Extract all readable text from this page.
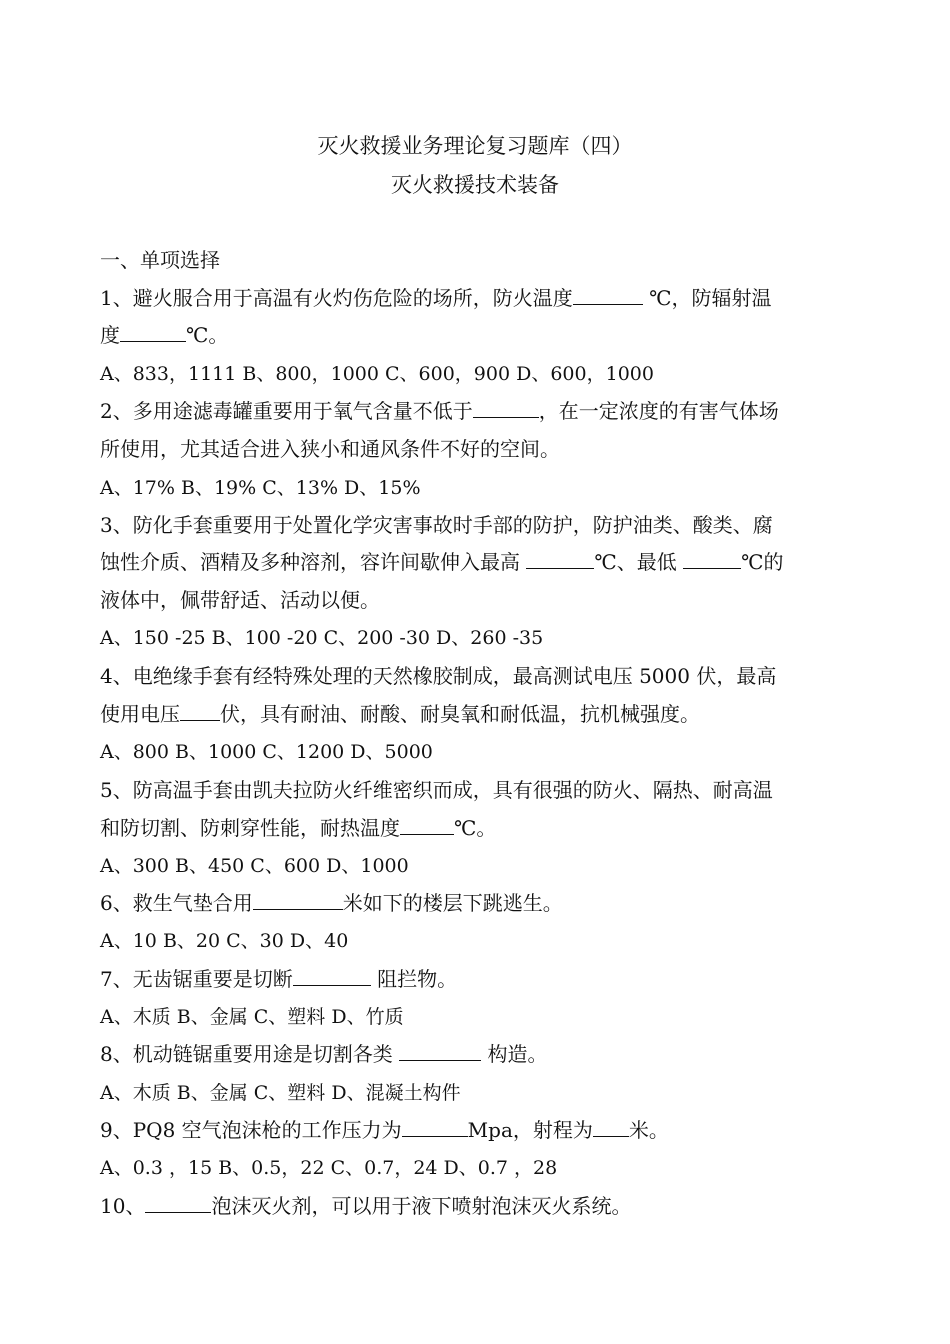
灭火救援业务理论复习题库（四）
灭火救援技术装备
一、单项选择
1、避火服合用于高温有火灼伤危险的场所，防火温度	℃，防辐射温
度	℃。
A、833，1111 B、800，1000 C、600，900 D、600，1000
2、多用途滤毒罐重要用于氧气含量不低于	，在一定浓度的有害气体场
所使用，尤其适合进入狭小和通风条件不好的空间。
A、17% B、19% C、13% D、15%
3、防化手套重要用于处置化学灾害事故时手部的防护，防护油类、酸类、腐
蚀性介质、酒精及多种溶剂，容许间歇伸入最高	℃、最低	℃的
液体中，佩带舒适、活动以便。
A、150 -25 B、100 -20 C、200 -30 D、260 -35
4、电绝缘手套有经特殊处理的天然橡胶制成，最高测试电压 5000 伏，最高
使用电压 伏，具有耐油、耐酸、耐臭氧和耐低温，抗机械强度。
A、800 B、1000 C、1200 D、5000
5、防高温手套由凯夫拉防火纤维密织而成，具有很强的防火、隔热、耐高温
和防切割、防刺穿性能，耐热温度	℃。
A、300 B、450 C、600 D、1000
6、救生气垫合用	米如下的楼层下跳逃生。
A、10 B、20 C、30 D、40
7、无齿锯重要是切断	阻拦物。
A、木质 B、金属 C、塑料 D、竹质
8、机动链锯重要用途是切割各类	构造。
A、木质 B、金属 C、塑料 D、混凝土构件
9、PQ8 空气泡沫枪的工作压力为	Mpa，射程为 米。
A、0.3 ，15 B、0.5，22 C、0.7，24 D、0.7 ，28
10、	泡沫灭火剂，可以用于液下喷射泡沫灭火系统。
